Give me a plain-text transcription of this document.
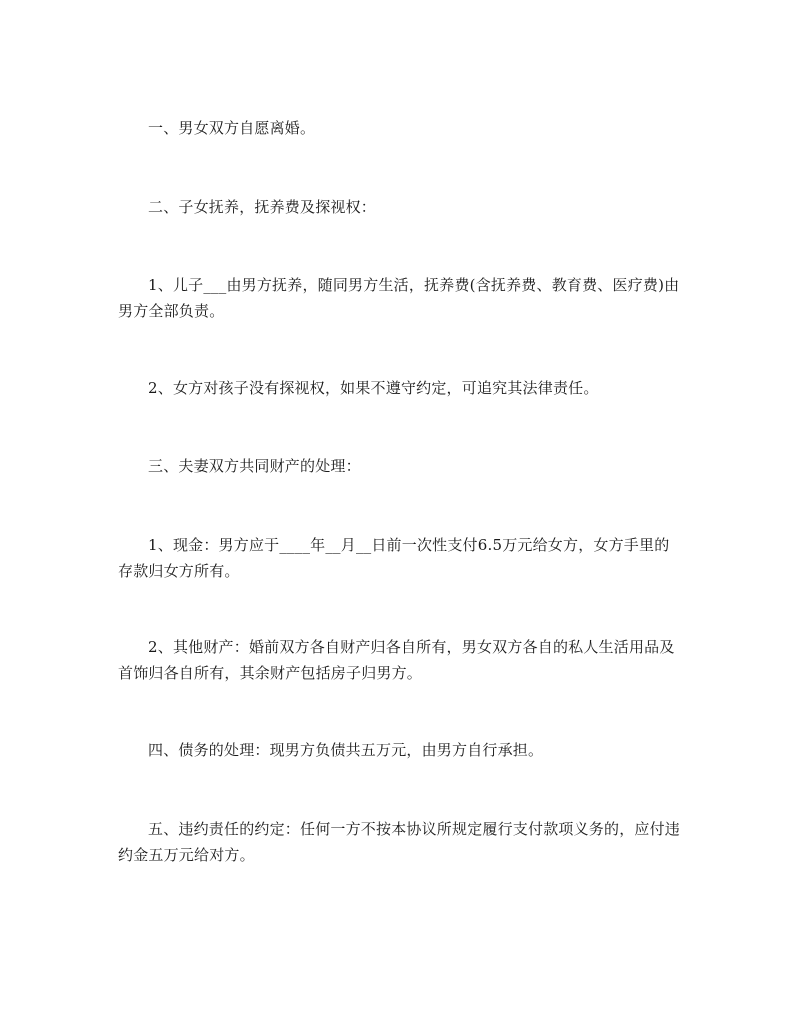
一、男女双方自愿离婚。

二、子女抚养，抚养费及探视权：

1、儿子___由男方抚养，随同男方生活，抚养费(含抚养费、教育费、医疗费)由男方全部负责。

2、女方对孩子没有探视权，如果不遵守约定，可追究其法律责任。

三、夫妻双方共同财产的处理：

1、现金：男方应于____年__月__日前一次性支付6.5万元给女方，女方手里的存款归女方所有。

2、其他财产：婚前双方各自财产归各自所有，男女双方各自的私人生活用品及首饰归各自所有，其余财产包括房子归男方。

四、债务的处理：现男方负债共五万元，由男方自行承担。

五、违约责任的约定：任何一方不按本协议所规定履行支付款项义务的，应付违约金五万元给对方。
